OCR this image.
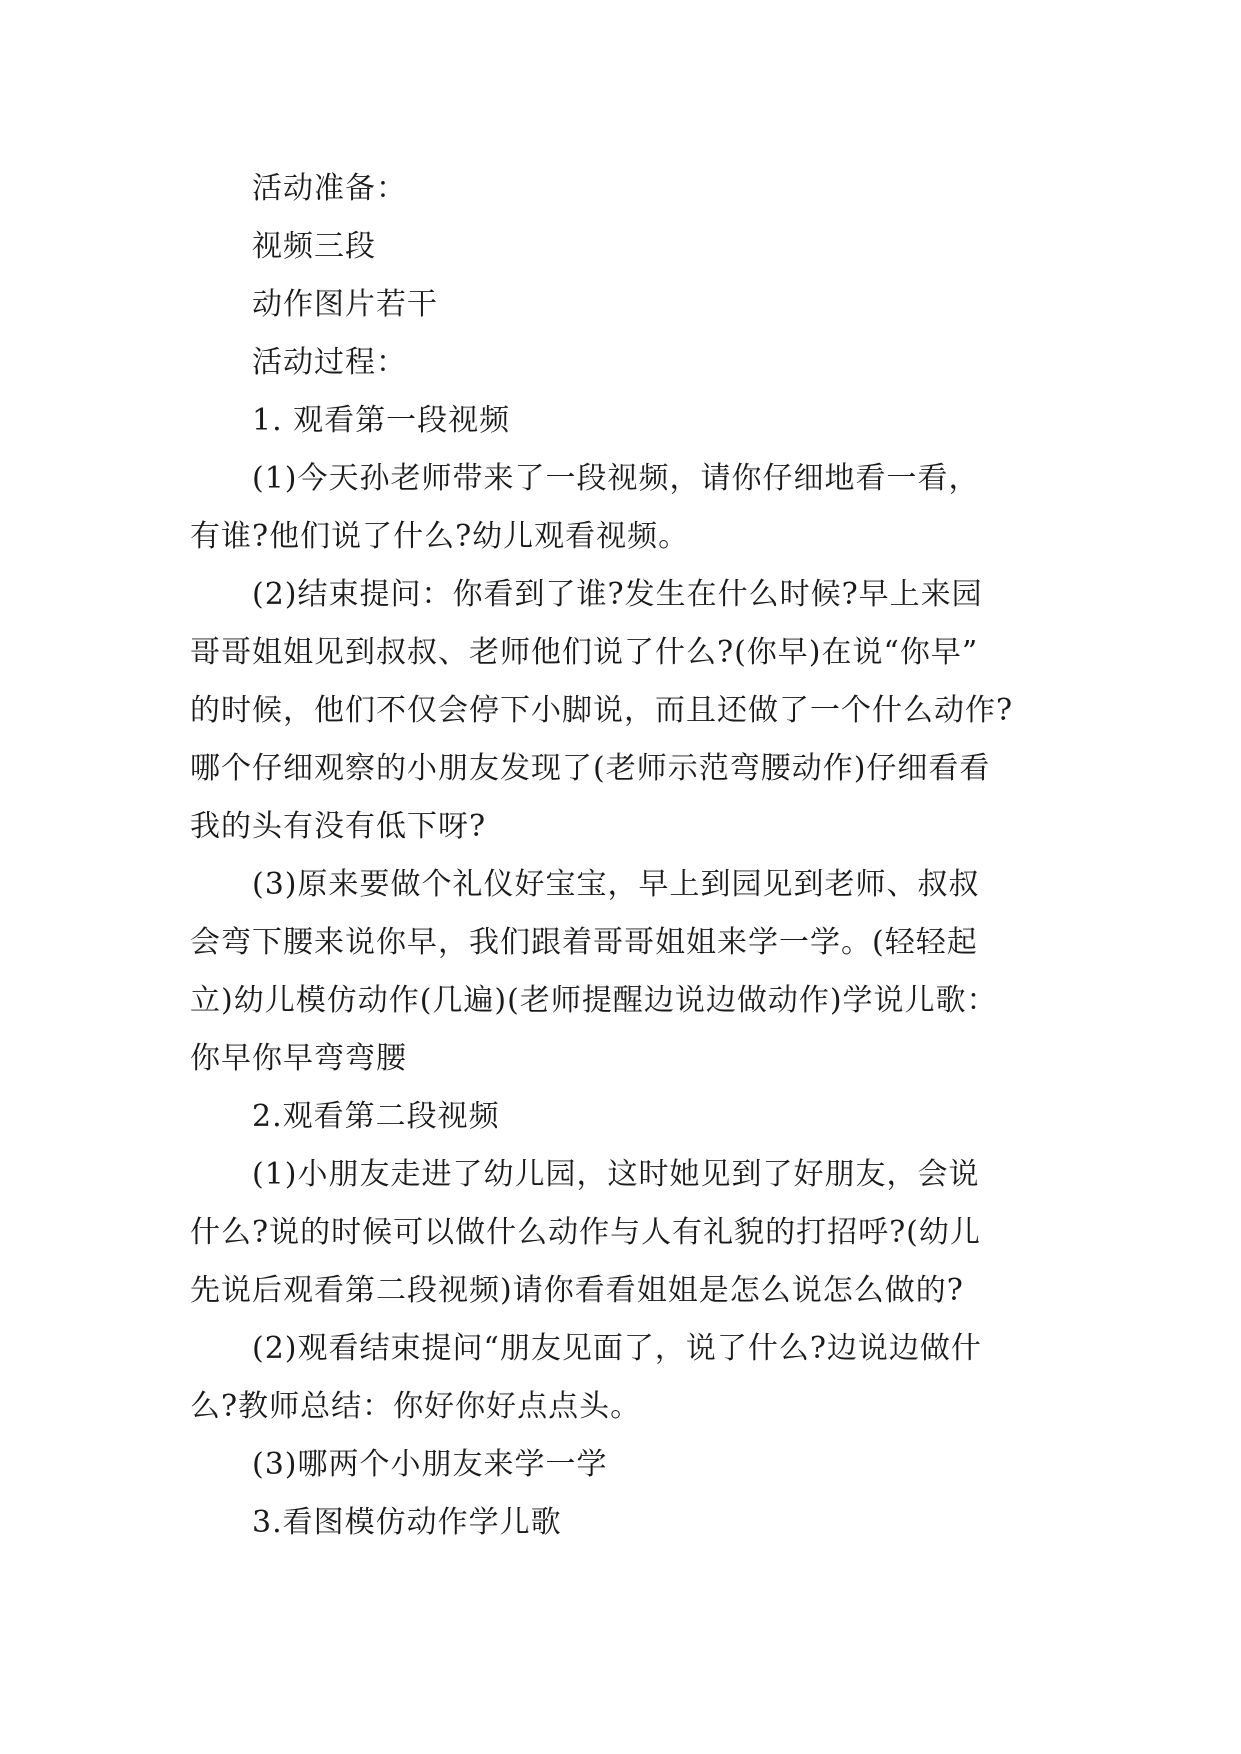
活动准备：
视频三段
动作图片若干
活动过程：
1. 观看第一段视频
(1)今天孙老师带来了一段视频，请你仔细地看一看，
有谁?他们说了什么?幼儿观看视频。
(2)结束提问：你看到了谁?发生在什么时候?早上来园
哥哥姐姐见到叔叔、老师他们说了什么?(你早)在说“你早”
的时候，他们不仅会停下小脚说，而且还做了一个什么动作?
哪个仔细观察的小朋友发现了(老师示范弯腰动作)仔细看看
我的头有没有低下呀?
(3)原来要做个礼仪好宝宝，早上到园见到老师、叔叔
会弯下腰来说你早，我们跟着哥哥姐姐来学一学。(轻轻起
立)幼儿模仿动作(几遍)(老师提醒边说边做动作)学说儿歌：
你早你早弯弯腰
2.观看第二段视频
(1)小朋友走进了幼儿园，这时她见到了好朋友，会说
什么?说的时候可以做什么动作与人有礼貌的打招呼?(幼儿
先说后观看第二段视频)请你看看姐姐是怎么说怎么做的?
(2)观看结束提问“朋友见面了，说了什么?边说边做什
么?教师总结：你好你好点点头。
(3)哪两个小朋友来学一学
3.看图模仿动作学儿歌
